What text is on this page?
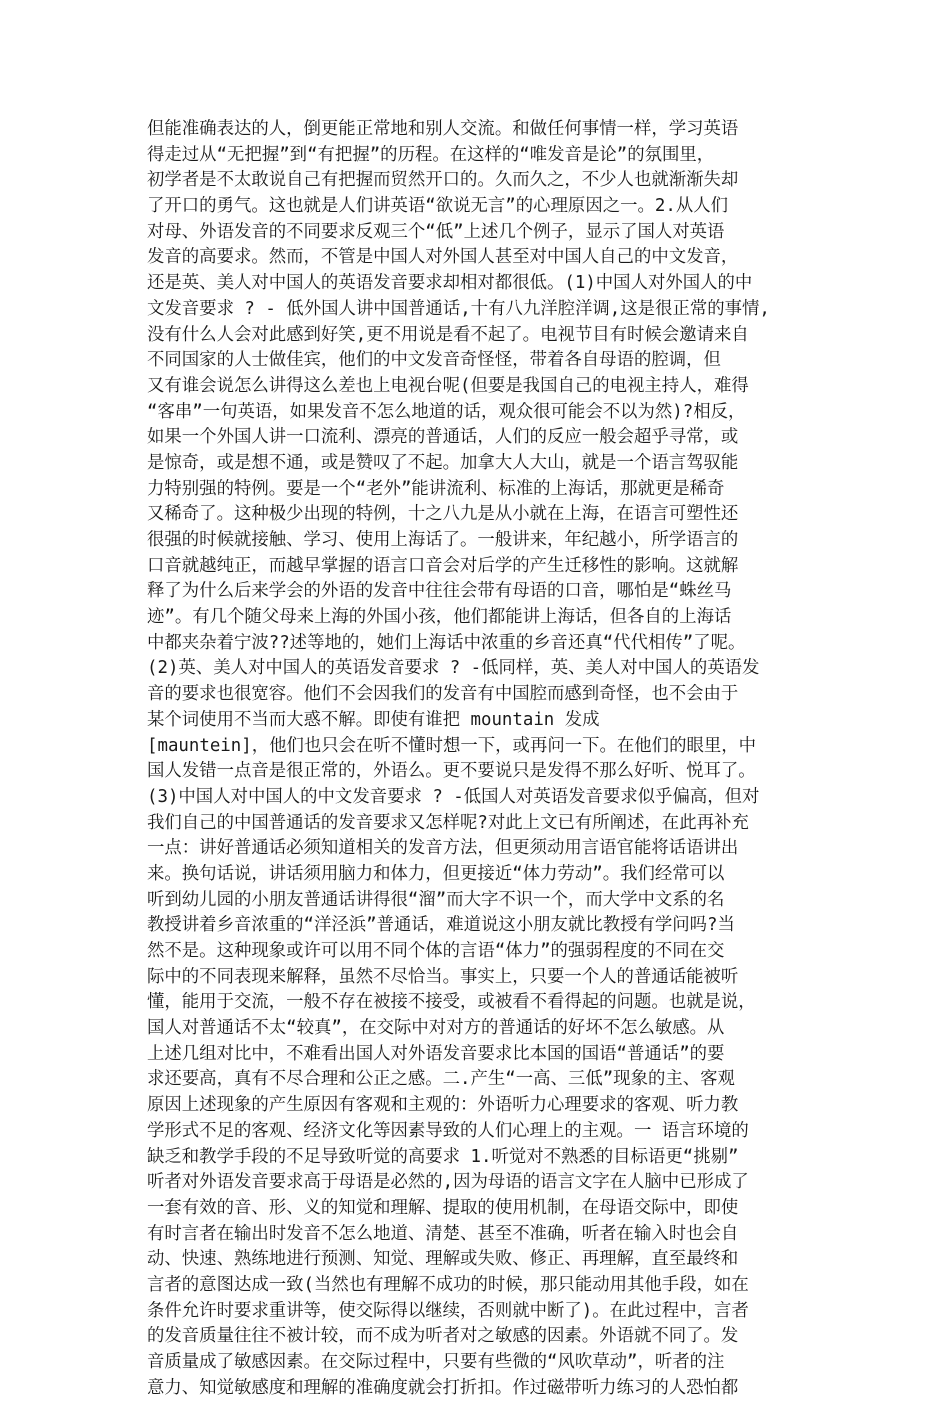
但能准确表达的人，倒更能正常地和别人交流。和做任何事情一样，学习英语
得走过从“无把握”到“有把握”的历程。在这样的“唯发音是论”的氛围里，
初学者是不太敢说自己有把握而贸然开口的。久而久之，不少人也就渐渐失却
了开口的勇气。这也就是人们讲英语“欲说无言”的心理原因之一。2.从人们
对母、外语发音的不同要求反观三个“低”上述几个例子，显示了国人对英语
发音的高要求。然而，不管是中国人对外国人甚至对中国人自己的中文发音，
还是英、美人对中国人的英语发音要求却相对都很低。(1)中国人对外国人的中
文发音要求 ? - 低外国人讲中国普通话,十有八九洋腔洋调,这是很正常的事情,
没有什么人会对此感到好笑,更不用说是看不起了。电视节目有时候会邀请来自
不同国家的人士做佳宾，他们的中文发音奇怪怪，带着各自母语的腔调，但
又有谁会说怎么讲得这么差也上电视台呢(但要是我国自己的电视主持人，难得
“客串”一句英语，如果发音不怎么地道的话，观众很可能会不以为然)?相反，
如果一个外国人讲一口流利、漂亮的普通话，人们的反应一般会超乎寻常，或
是惊奇，或是想不通，或是赞叹了不起。加拿大人大山，就是一个语言驾驭能
力特别强的特例。要是一个“老外”能讲流利、标准的上海话，那就更是稀奇
又稀奇了。这种极少出现的特例，十之八九是从小就在上海，在语言可塑性还
很强的时候就接触、学习、使用上海话了。一般讲来，年纪越小，所学语言的
口音就越纯正，而越早掌握的语言口音会对后学的产生迁移性的影响。这就解
释了为什么后来学会的外语的发音中往往会带有母语的口音，哪怕是“蛛丝马
迹”。有几个随父母来上海的外国小孩，他们都能讲上海话，但各自的上海话
中都夹杂着宁波??述等地的，她们上海话中浓重的乡音还真“代代相传”了呢。
(2)英、美人对中国人的英语发音要求 ? -低同样，英、美人对中国人的英语发
音的要求也很宽容。他们不会因我们的发音有中国腔而感到奇怪，也不会由于
某个词使用不当而大惑不解。即使有谁把 mountain 发成
[mauntein]，他们也只会在听不懂时想一下，或再问一下。在他们的眼里，中
国人发错一点音是很正常的，外语么。更不要说只是发得不那么好听、悦耳了。
(3)中国人对中国人的中文发音要求 ? -低国人对英语发音要求似乎偏高，但对
我们自己的中国普通话的发音要求又怎样呢?对此上文已有所阐述，在此再补充
一点：讲好普通话必须知道相关的发音方法，但更须动用言语官能将话语讲出
来。换句话说，讲话须用脑力和体力，但更接近“体力劳动”。我们经常可以
听到幼儿园的小朋友普通话讲得很“溜”而大字不识一个，而大学中文系的名
教授讲着乡音浓重的“洋泾浜”普通话，难道说这小朋友就比教授有学问吗?当
然不是。这种现象或许可以用不同个体的言语“体力”的强弱程度的不同在交
际中的不同表现来解释，虽然不尽恰当。事实上，只要一个人的普通话能被听
懂，能用于交流，一般不存在被接不接受，或被看不看得起的问题。也就是说，
国人对普通话不太“较真”，在交际中对对方的普通话的好坏不怎么敏感。从
上述几组对比中，不难看出国人对外语发音要求比本国的国语“普通话”的要
求还要高，真有不尽合理和公正之感。二.产生“一高、三低”现象的主、客观
原因上述现象的产生原因有客观和主观的：外语听力心理要求的客观、听力教
学形式不足的客观、经济文化等因素导致的人们心理上的主观。一 语言环境的
缺乏和教学手段的不足导致听觉的高要求 1.听觉对不熟悉的目标语更“挑剔”
听者对外语发音要求高于母语是必然的,因为母语的语言文字在人脑中已形成了
一套有效的音、形、义的知觉和理解、提取的使用机制，在母语交际中，即使
有时言者在输出时发音不怎么地道、清楚、甚至不准确，听者在输入时也会自
动、快速、熟练地进行预测、知觉、理解或失败、修正、再理解，直至最终和
言者的意图达成一致(当然也有理解不成功的时候，那只能动用其他手段，如在
条件允许时要求重讲等，使交际得以继续，否则就中断了)。在此过程中，言者
的发音质量往往不被计较，而不成为听者对之敏感的因素。外语就不同了。发
音质量成了敏感因素。在交际过程中，只要有些微的“风吹草动”，听者的注
意力、知觉敏感度和理解的准确度就会打折扣。作过磁带听力练习的人恐怕都
